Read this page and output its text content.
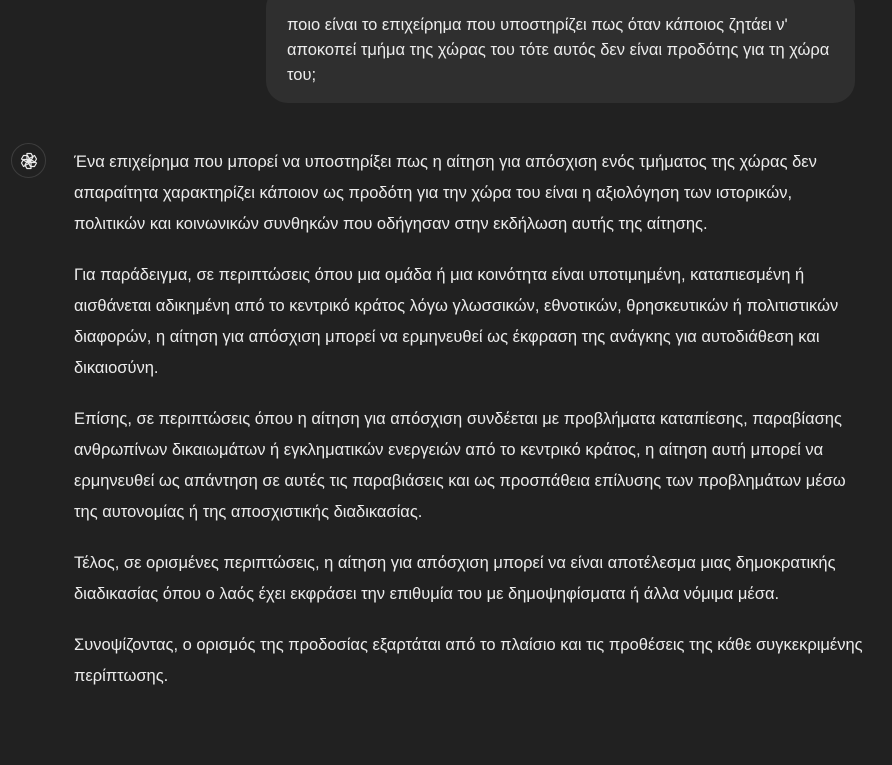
ποιο είναι το επιχείρημα που υποστηρίζει πως όταν κάποιος ζητάει ν' αποκοπεί τμήμα της χώρας του τότε αυτός δεν είναι προδότης για τη χώρα του;

Ένα επιχείρημα που μπορεί να υποστηρίξει πως η αίτηση για απόσχιση ενός τμήματος της χώρας δεν απαραίτητα χαρακτηρίζει κάποιον ως προδότη για την χώρα του είναι η αξιολόγηση των ιστορικών, πολιτικών και κοινωνικών συνθηκών που οδήγησαν στην εκδήλωση αυτής της αίτησης.

Για παράδειγμα, σε περιπτώσεις όπου μια ομάδα ή μια κοινότητα είναι υποτιμημένη, καταπιεσμένη ή αισθάνεται αδικημένη από το κεντρικό κράτος λόγω γλωσσικών, εθνοτικών, θρησκευτικών ή πολιτιστικών διαφορών, η αίτηση για απόσχιση μπορεί να ερμηνευθεί ως έκφραση της ανάγκης για αυτοδιάθεση και δικαιοσύνη.

Επίσης, σε περιπτώσεις όπου η αίτηση για απόσχιση συνδέεται με προβλήματα καταπίεσης, παραβίασης ανθρωπίνων δικαιωμάτων ή εγκληματικών ενεργειών από το κεντρικό κράτος, η αίτηση αυτή μπορεί να ερμηνευθεί ως απάντηση σε αυτές τις παραβιάσεις και ως προσπάθεια επίλυσης των προβλημάτων μέσω της αυτονομίας ή της αποσχιστικής διαδικασίας.

Τέλος, σε ορισμένες περιπτώσεις, η αίτηση για απόσχιση μπορεί να είναι αποτέλεσμα μιας δημοκρατικής διαδικασίας όπου ο λαός έχει εκφράσει την επιθυμία του με δημοψηφίσματα ή άλλα νόμιμα μέσα.

Συνοψίζοντας, ο ορισμός της προδοσίας εξαρτάται από το πλαίσιο και τις προθέσεις της κάθε συγκεκριμένης περίπτωσης.
